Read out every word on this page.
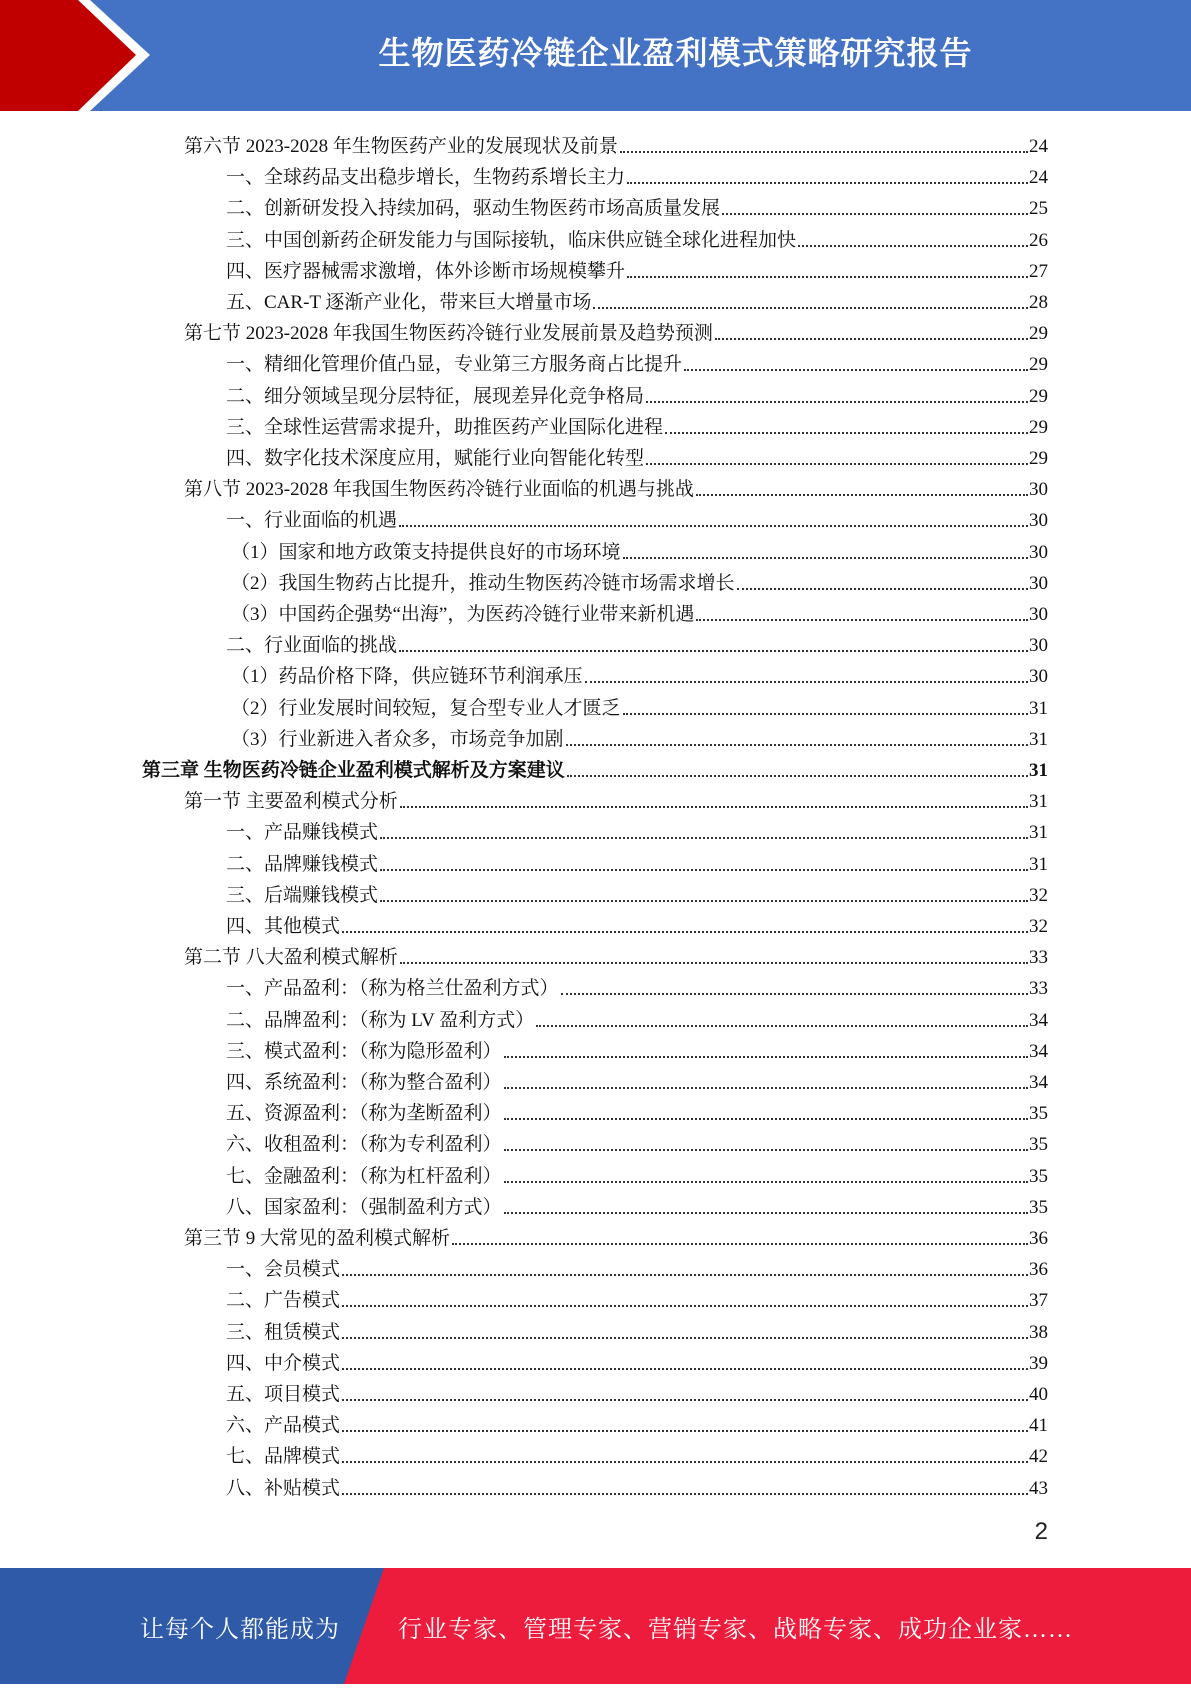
生物医药冷链企业盈利模式策略研究报告
第六节 2023-2028 年生物医药产业的发展现状及前景	24
一、全球药品支出稳步增长，生物药系增长主力	24
二、创新研发投入持续加码，驱动生物医药市场高质量发展	25
三、中国创新药企研发能力与国际接轨，临床供应链全球化进程加快	26
四、医疗器械需求激增，体外诊断市场规模攀升	27
五、CAR-T 逐渐产业化，带来巨大增量市场	28
第七节 2023-2028 年我国生物医药冷链行业发展前景及趋势预测	29
一、精细化管理价值凸显，专业第三方服务商占比提升	29
二、细分领域呈现分层特征，展现差异化竞争格局	29
三、全球性运营需求提升，助推医药产业国际化进程	29
四、数字化技术深度应用，赋能行业向智能化转型	29
第八节 2023-2028 年我国生物医药冷链行业面临的机遇与挑战	30
一、行业面临的机遇	30
（1）国家和地方政策支持提供良好的市场环境	30
（2）我国生物药占比提升，推动生物医药冷链市场需求增长	30
（3）中国药企强势“出海”，为医药冷链行业带来新机遇	30
二、行业面临的挑战	30
（1）药品价格下降，供应链环节利润承压	30
（2）行业发展时间较短，复合型专业人才匮乏	31
（3）行业新进入者众多，市场竞争加剧	31
第三章 生物医药冷链企业盈利模式解析及方案建议	31
第一节 主要盈利模式分析	31
一、产品赚钱模式	31
二、品牌赚钱模式	31
三、后端赚钱模式	32
四、其他模式	32
第二节 八大盈利模式解析	33
一、产品盈利：（称为格兰仕盈利方式）	33
二、品牌盈利：（称为 LV 盈利方式）	34
三、模式盈利：（称为隐形盈利）	34
四、系统盈利：（称为整合盈利）	34
五、资源盈利：（称为垄断盈利）	35
六、收租盈利：（称为专利盈利）	35
七、金融盈利：（称为杠杆盈利）	35
八、国家盈利：（强制盈利方式）	35
第三节 9 大常见的盈利模式解析	36
一、会员模式	36
二、广告模式	37
三、租赁模式	38
四、中介模式	39
五、项目模式	40
六、产品模式	41
七、品牌模式	42
八、补贴模式	43
2
让每个人都能成为 行业专家、管理专家、营销专家、战略专家、成功企业家……
